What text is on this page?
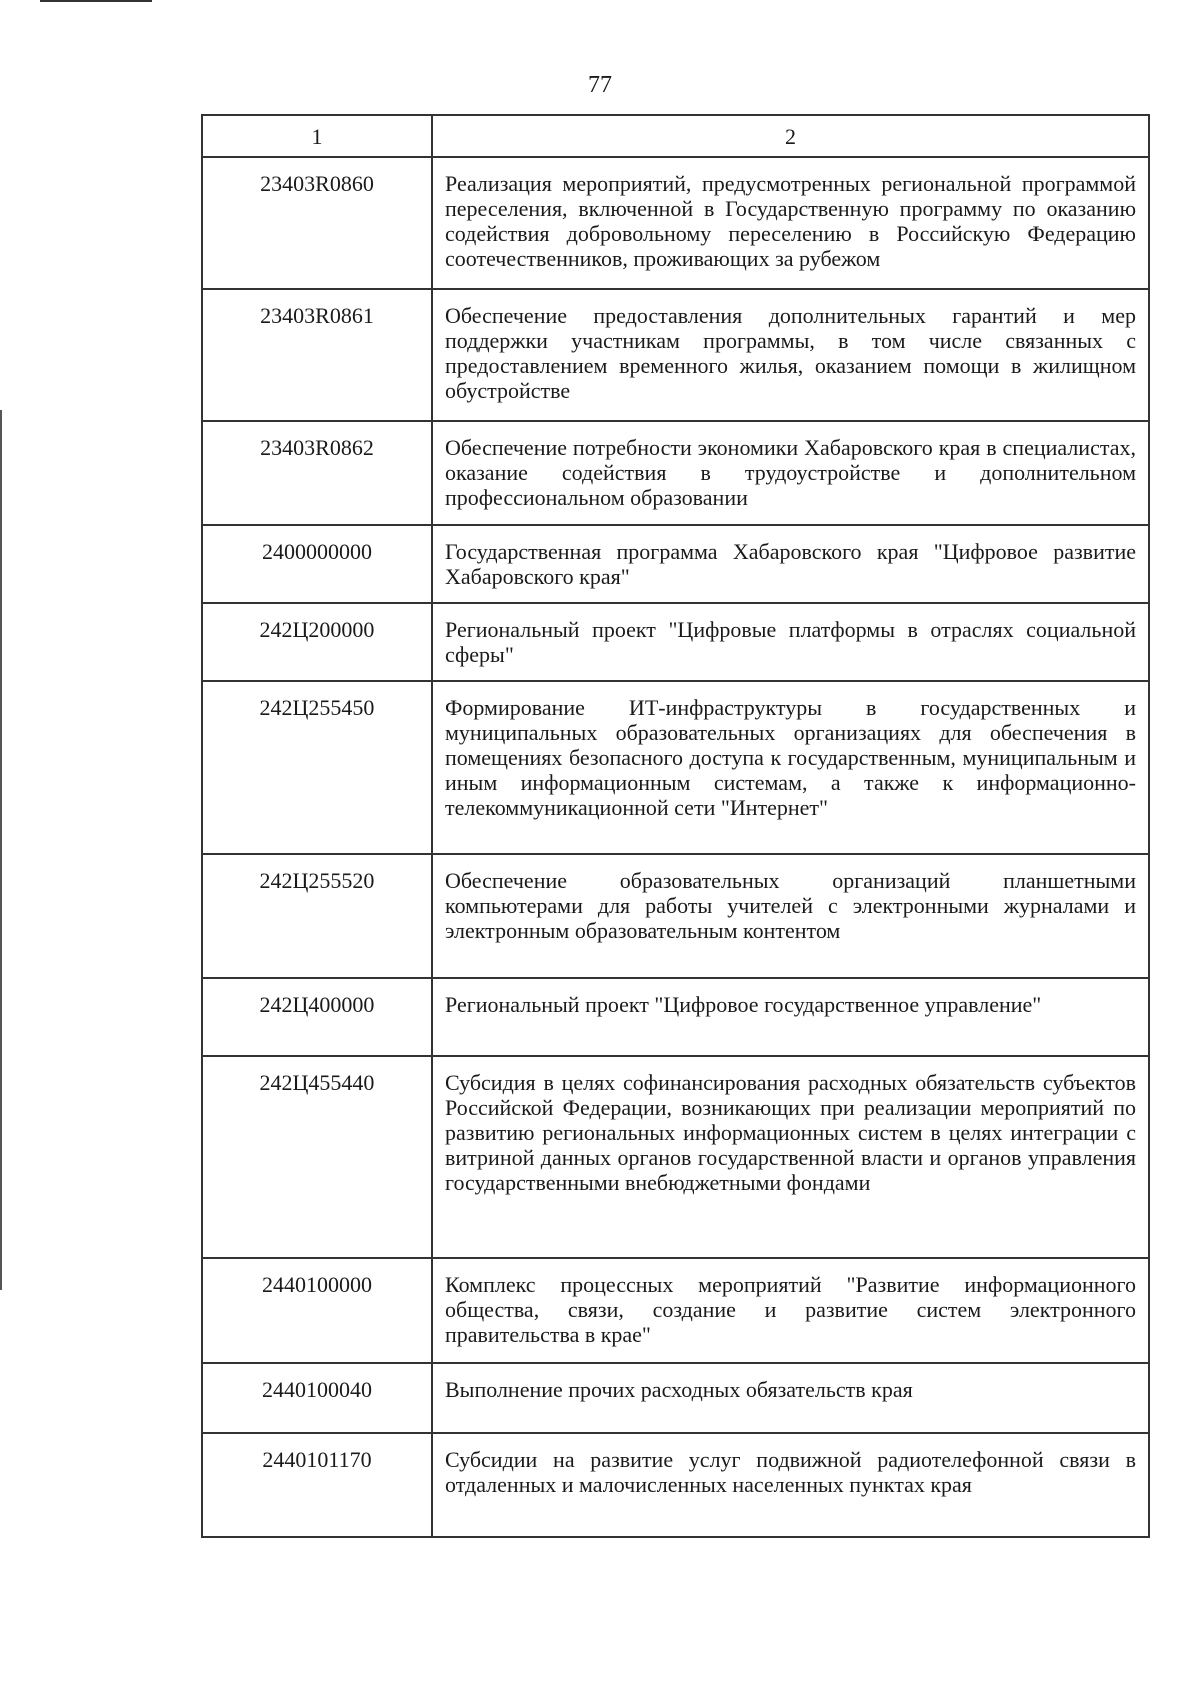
77
1	2
23403R0860	Реализация мероприятий, предусмотренных региональной программой переселения, включенной в Государственную программу по оказанию содействия добровольному переселению в Российскую Федерацию соотечественников, проживающих за рубежом
23403R0861	Обеспечение предоставления дополнительных гарантий и мер поддержки участникам программы, в том числе связанных с предоставлением временного жилья, оказанием помощи в жилищном обустройстве
23403R0862	Обеспечение потребности экономики Хабаровского края в специалистах, оказание содействия в трудоустройстве и дополнительном профессиональном образовании
2400000000	Государственная программа Хабаровского края "Цифровое развитие Хабаровского края"
242Ц200000	Региональный проект "Цифровые платформы в отраслях социальной сферы"
242Ц255450	Формирование ИТ-инфраструктуры в государственных и муниципальных образовательных организациях для обеспечения в помещениях безопасного доступа к государственным, муниципальным и иным информационным системам, а также к информационно-телекоммуникационной сети "Интернет"
242Ц255520	Обеспечение образовательных организаций планшетными компьютерами для работы учителей с электронными журналами и электронным образовательным контентом
242Ц400000	Региональный проект "Цифровое государственное управление"
242Ц455440	Субсидия в целях софинансирования расходных обязательств субъектов Российской Федерации, возникающих при реализации мероприятий по развитию региональных информационных систем в целях интеграции с витриной данных органов государственной власти и органов управления государственными внебюджетными фондами
2440100000	Комплекс процессных мероприятий "Развитие информационного общества, связи, создание и развитие систем электронного правительства в крае"
2440100040	Выполнение прочих расходных обязательств края
2440101170	Субсидии на развитие услуг подвижной радиотелефонной связи в отдаленных и малочисленных населенных пунктах края
